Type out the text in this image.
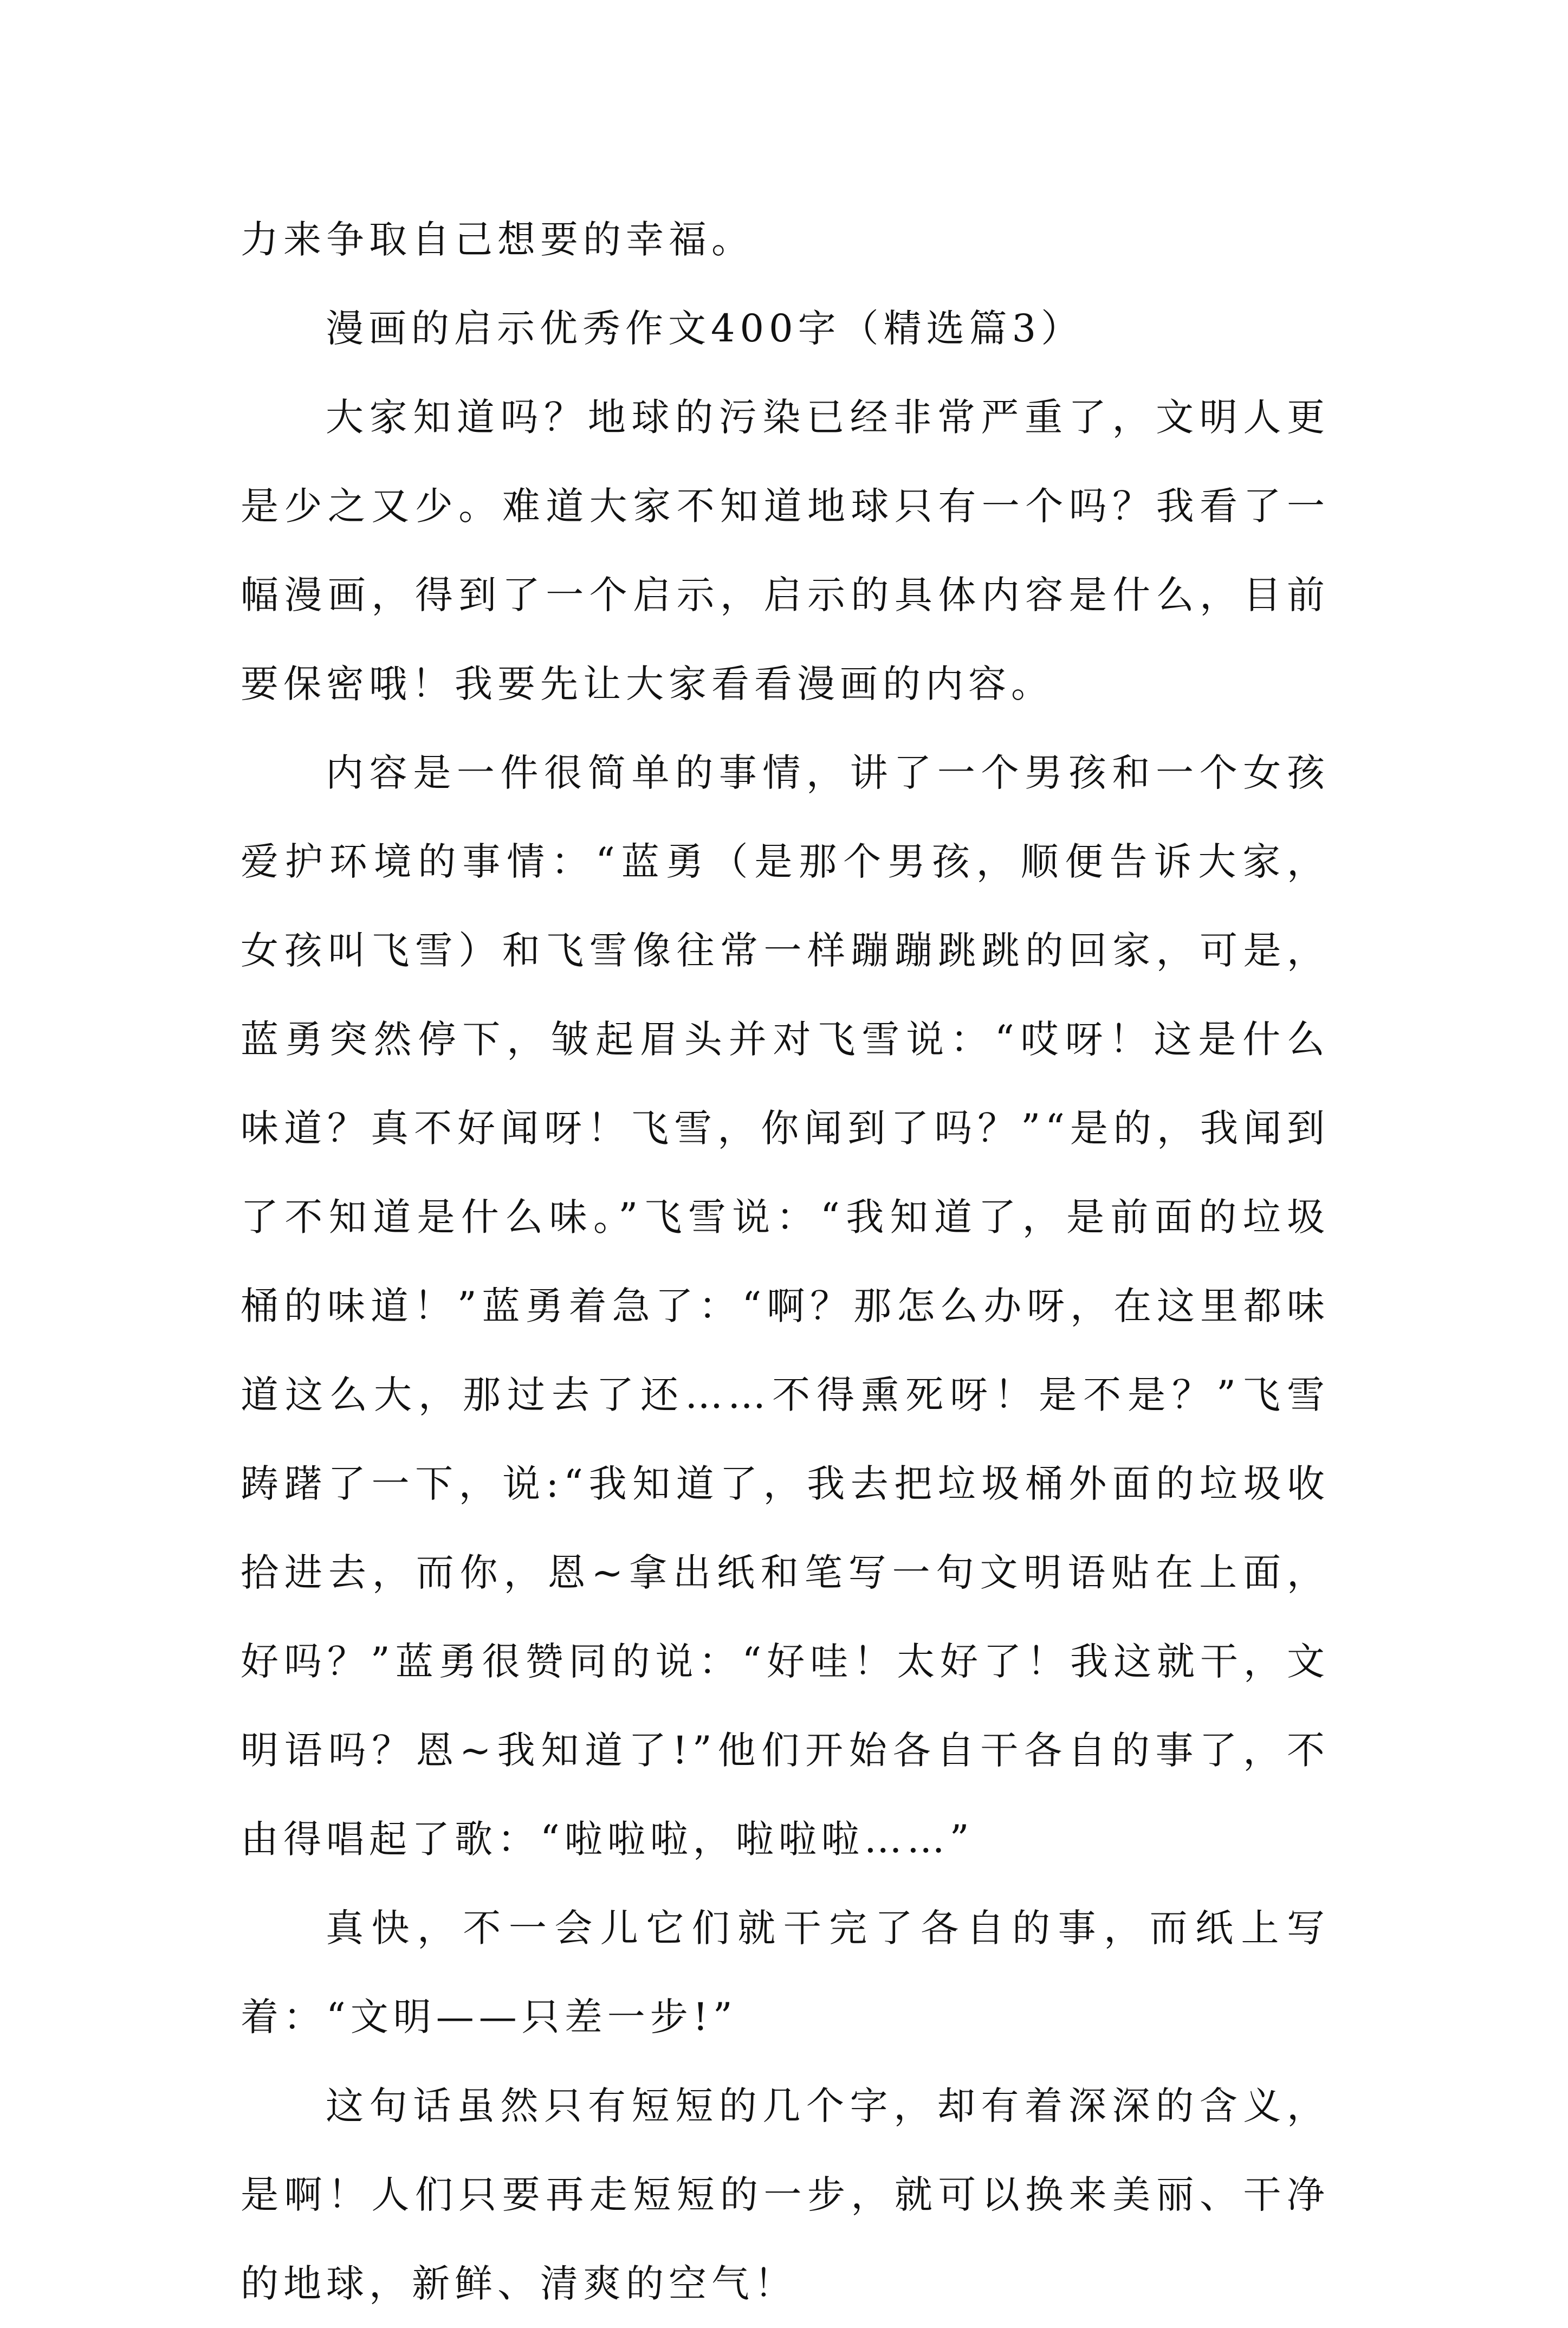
力来争取自己想要的幸福。

漫画的启示优秀作文400字（精选篇3）

大家知道吗？地球的污染已经非常严重了，文明人更是少之又少。难道大家不知道地球只有一个吗？我看了一幅漫画，得到了一个启示，启示的具体内容是什么，目前要保密哦！我要先让大家看看漫画的内容。

内容是一件很简单的事情，讲了一个男孩和一个女孩爱护环境的事情：“蓝勇（是那个男孩，顺便告诉大家，女孩叫飞雪）和飞雪像往常一样蹦蹦跳跳的回家，可是，蓝勇突然停下，皱起眉头并对飞雪说：“哎呀！这是什么味道？真不好闻呀！飞雪，你闻到了吗？”“是的，我闻到了不知道是什么味。”飞雪说：“我知道了，是前面的垃圾桶的味道！”蓝勇着急了：“啊？那怎么办呀，在这里都味道这么大，那过去了还……不得熏死呀！是不是？”飞雪踌躇了一下，说:“我知道了，我去把垃圾桶外面的垃圾收拾进去，而你，恩~拿出纸和笔写一句文明语贴在上面，好吗？”蓝勇很赞同的说：“好哇！太好了！我这就干，文明语吗？恩~我知道了!”他们开始各自干各自的事了，不由得唱起了歌：“啦啦啦，啦啦啦……”

真快，不一会儿它们就干完了各自的事，而纸上写着：“文明——只差一步!”

这句话虽然只有短短的几个字，却有着深深的含义，是啊！人们只要再走短短的一步，就可以换来美丽、干净的地球，新鲜、清爽的空气！
